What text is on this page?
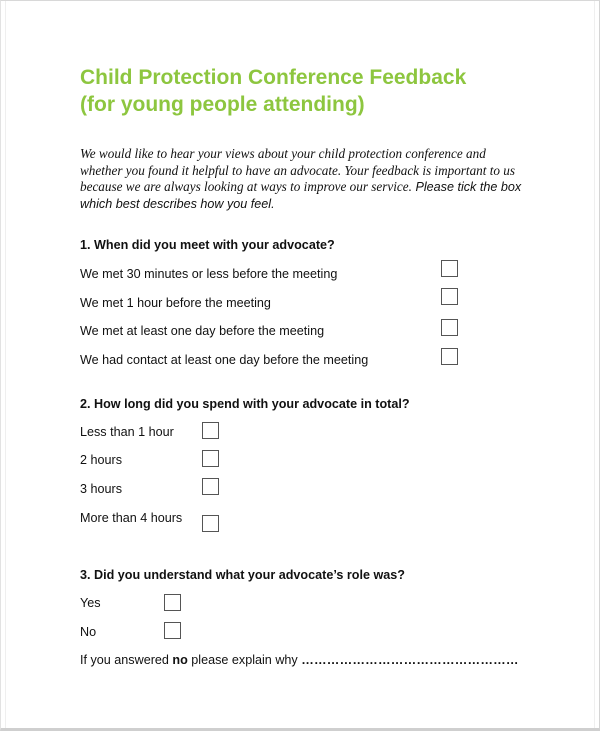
Child Protection Conference Feedback
(for young people attending)

We would like to hear your views about your child protection conference and whether you found it helpful to have an advocate. Your feedback is important to us because we are always looking at ways to improve our service. Please tick the box which best describes how you feel.

1. When did you meet with your advocate?

We met 30 minutes or less before the meeting
We met 1 hour before the meeting
We met at least one day before the meeting
We had contact at least one day before the meeting

2. How long did you spend with your advocate in total?

Less than 1 hour
2 hours
3 hours
More than 4 hours

3. Did you understand what your advocate’s role was?

Yes
No
If you answered no please explain why ……………………………………………
